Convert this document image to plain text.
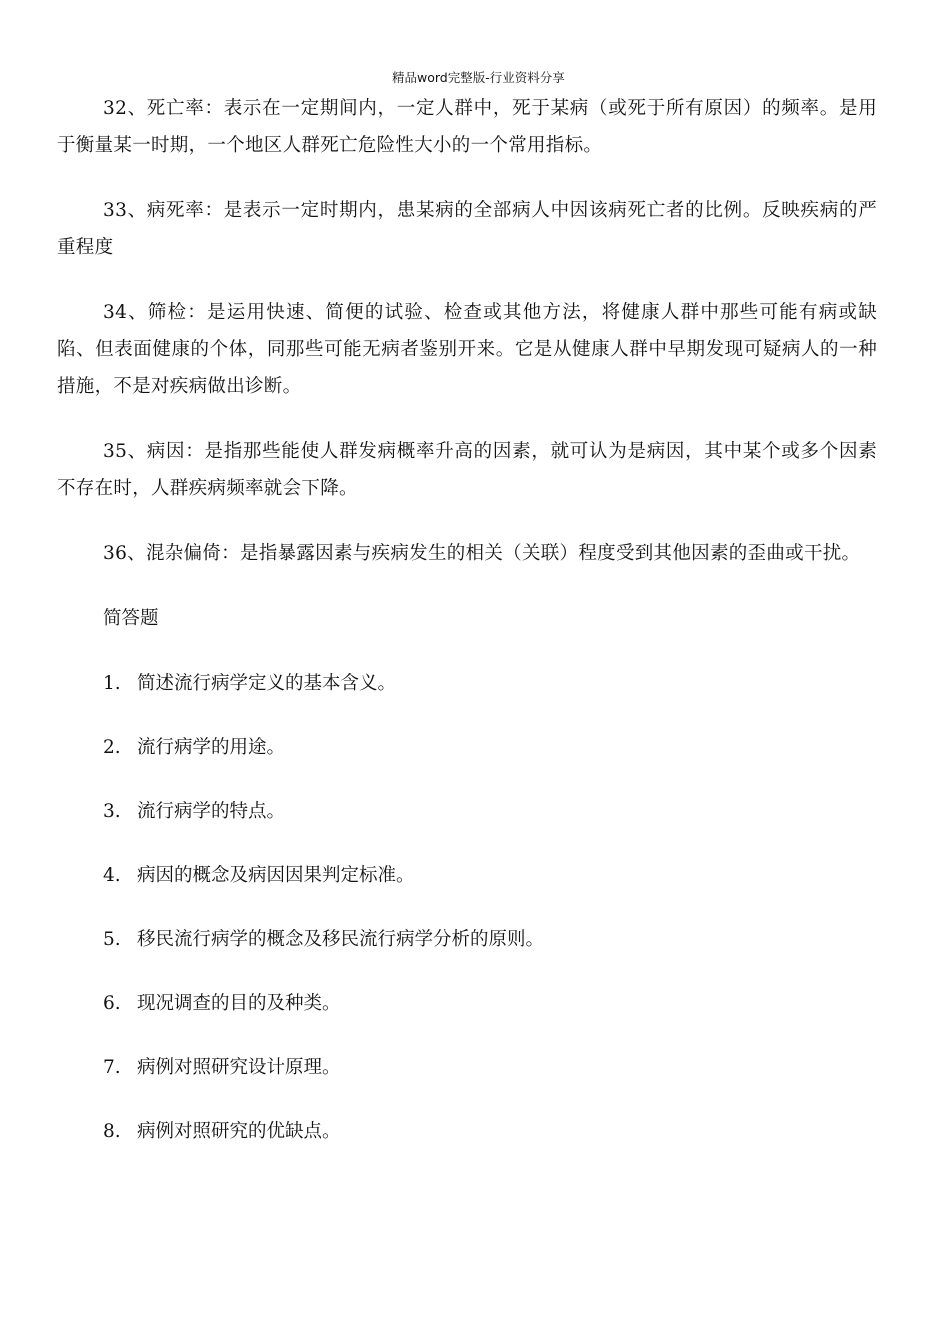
精品word完整版-行业资料分享

32、死亡率：表示在一定期间内，一定人群中，死于某病（或死于所有原因）的频率。是用于衡量某一时期，一个地区人群死亡危险性大小的一个常用指标。

33、病死率：是表示一定时期内，患某病的全部病人中因该病死亡者的比例。反映疾病的严重程度

34、筛检：是运用快速、简便的试验、检查或其他方法，将健康人群中那些可能有病或缺陷、但表面健康的个体，同那些可能无病者鉴别开来。它是从健康人群中早期发现可疑病人的一种措施，不是对疾病做出诊断。

35、病因：是指那些能使人群发病概率升高的因素，就可认为是病因，其中某个或多个因素不存在时，人群疾病频率就会下降。

36、混杂偏倚：是指暴露因素与疾病发生的相关（关联）程度受到其他因素的歪曲或干扰。

简答题
1. 简述流行病学定义的基本含义。
2. 流行病学的用途。
3. 流行病学的特点。
4. 病因的概念及病因因果判定标准。
5. 移民流行病学的概念及移民流行病学分析的原则。
6. 现况调查的目的及种类。
7. 病例对照研究设计原理。
8. 病例对照研究的优缺点。
